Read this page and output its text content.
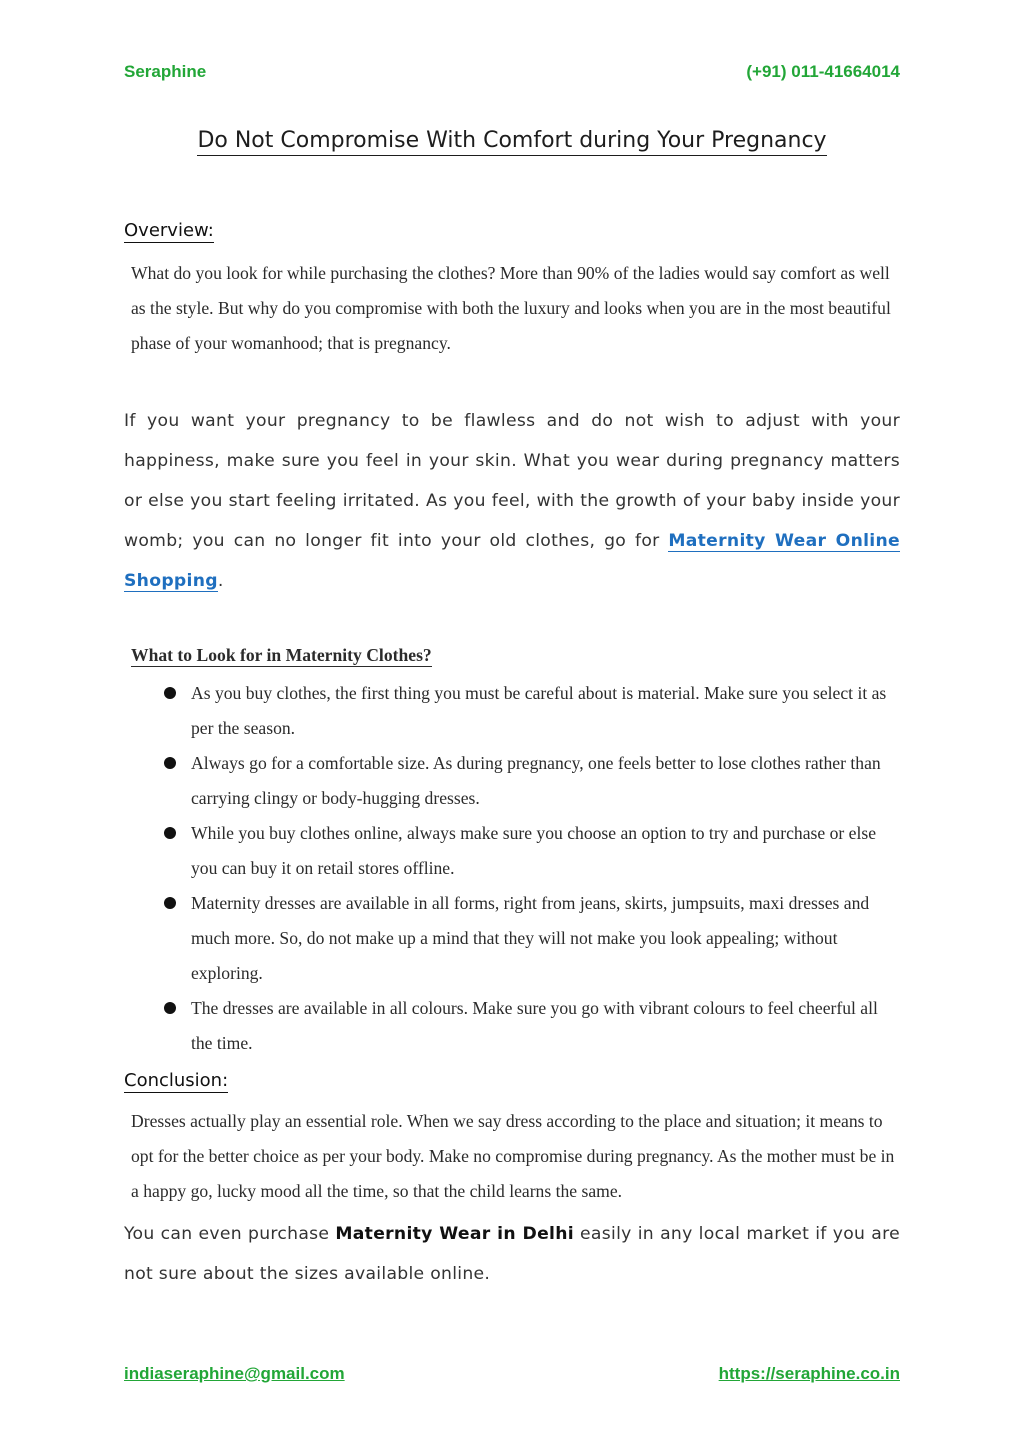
Seraphine	(+91) 011-41664014
Do Not Compromise With Comfort during Your Pregnancy
Overview:
What do you look for while purchasing the clothes? More than 90% of the ladies would say comfort as well as the style. But why do you compromise with both the luxury and looks when you are in the most beautiful phase of your womanhood; that is pregnancy.
If you want your pregnancy to be flawless and do not wish to adjust with your happiness, make sure you feel in your skin. What you wear during pregnancy matters or else you start feeling irritated. As you feel, with the growth of your baby inside your womb; you can no longer fit into your old clothes, go for Maternity Wear Online Shopping.
What to Look for in Maternity Clothes?
As you buy clothes, the first thing you must be careful about is material. Make sure you select it as per the season.
Always go for a comfortable size. As during pregnancy, one feels better to lose clothes rather than carrying clingy or body-hugging dresses.
While you buy clothes online, always make sure you choose an option to try and purchase or else you can buy it on retail stores offline.
Maternity dresses are available in all forms, right from jeans, skirts, jumpsuits, maxi dresses and much more. So, do not make up a mind that they will not make you look appealing; without exploring.
The dresses are available in all colours. Make sure you go with vibrant colours to feel cheerful all the time.
Conclusion:
Dresses actually play an essential role. When we say dress according to the place and situation; it means to opt for the better choice as per your body. Make no compromise during pregnancy. As the mother must be in a happy go, lucky mood all the time, so that the child learns the same.
You can even purchase Maternity Wear in Delhi easily in any local market if you are not sure about the sizes available online.
indiaseraphine@gmail.com	https://seraphine.co.in
